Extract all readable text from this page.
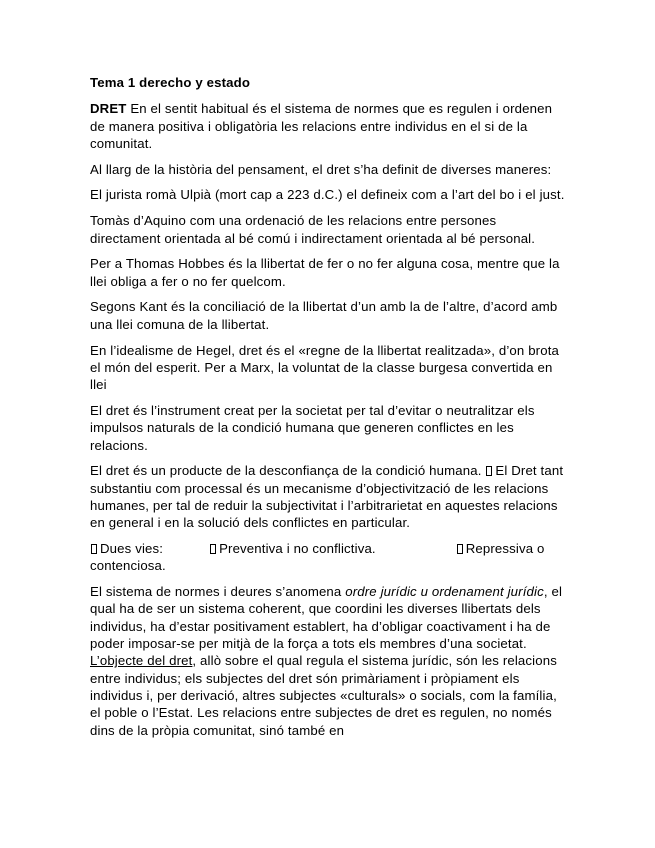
Tema 1 derecho y estado

DRET En el sentit habitual és el sistema de normes que es regulen i ordenen de manera positiva i obligatòria les relacions entre individus en el si de la comunitat.

Al llarg de la història del pensament, el dret s’ha definit de diverses maneres:

El jurista romà Ulpià (mort cap a 223 d.C.) el defineix com a l’art del bo i el just.

Tomàs d’Aquino com una ordenació de les relacions entre persones directament orientada al bé comú i indirectament orientada al bé personal.

Per a Thomas Hobbes és la llibertat de fer o no fer alguna cosa, mentre que la llei obliga a fer o no fer quelcom.

Segons Kant és la conciliació de la llibertat d’un amb la de l’altre, d’acord amb una llei comuna de la llibertat.

En l’idealisme de Hegel, dret és el «regne de la llibertat realitzada», d’on brota el món del esperit. Per a Marx, la voluntat de la classe burgesa convertida en llei

El dret és l’instrument creat per la societat per tal d’evitar o neutralitzar els impulsos naturals de la condició humana que generen conflictes en les relacions.

El dret és un producte de la desconfiança de la condició humana. El Dret tant substantiu com processal és un mecanisme d’objectivització de les relacions humanes, per tal de reduir la subjectivitat i l’arbitrarietat en aquestes relacions en general i en la solució dels conflictes en particular.

Dues vies:	Preventiva i no conflictiva.	Repressiva o
contenciosa.

El sistema de normes i deures s’anomena ordre jurídic u ordenament jurídic, el qual ha de ser un sistema coherent, que coordini les diverses llibertats dels individus, ha d’estar positivament establert, ha d’obligar coactivament i ha de poder imposar-se per mitjà de la força a tots els membres d’una societat. L’objecte del dret, allò sobre el qual regula el sistema jurídic, són les relacions entre individus; els subjectes del dret són primàriament i pròpiament els individus i, per derivació, altres subjectes «culturals» o socials, com la família, el poble o l’Estat. Les relacions entre subjectes de dret es regulen, no només dins de la pròpia comunitat, sinó també en
